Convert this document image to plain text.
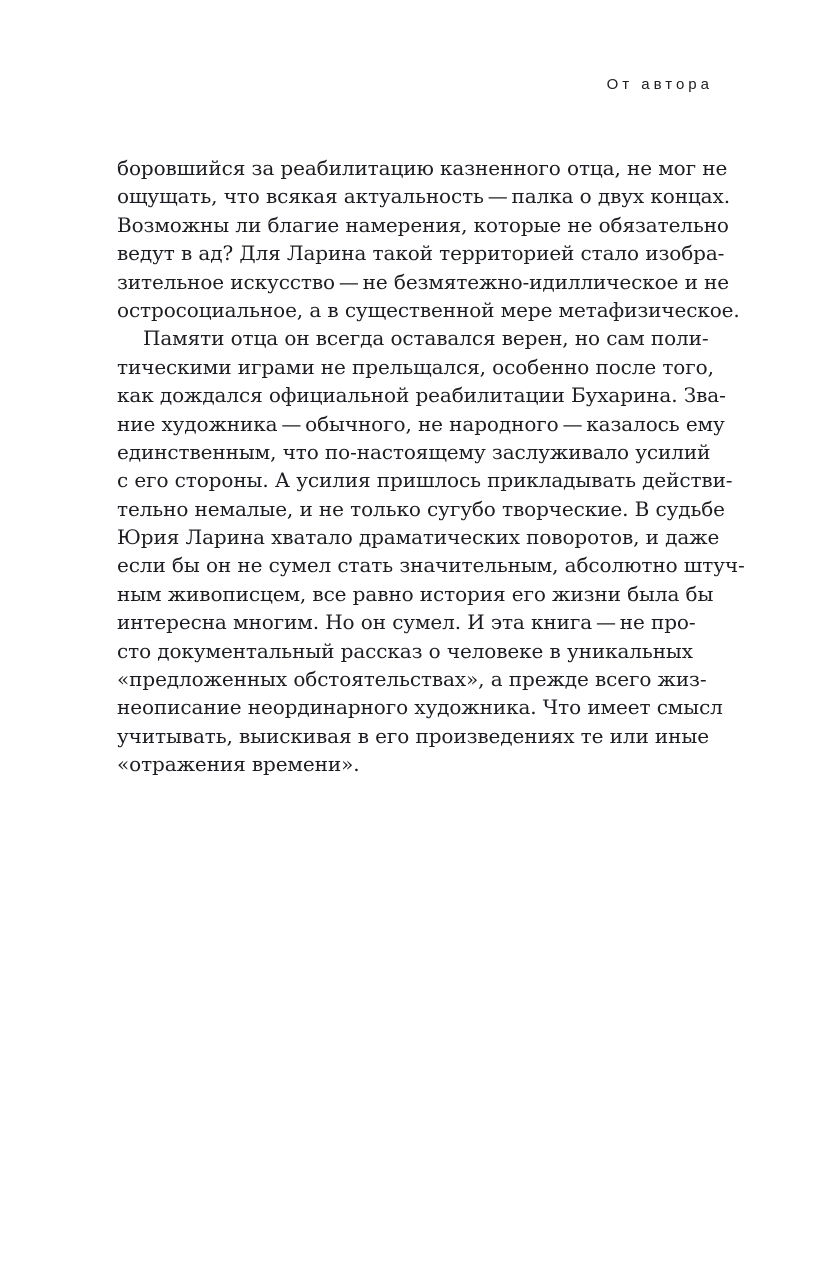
От автора
боровшийся за реабилитацию казненного отца, не мог не
ощущать, что всякая актуальность — палка о двух концах.
Возможны ли благие намерения, которые не обязательно
ведут в ад? Для Ларина такой территорией стало изобра-
зительное искусство — не безмятежно-идиллическое и не
остросоциальное, а в существенной мере метафизическое.
Памяти отца он всегда оставался верен, но сам поли-
тическими играми не прельщался, особенно после того,
как дождался официальной реабилитации Бухарина. Зва-
ние художника — обычного, не народного — казалось ему
единственным, что по-настоящему заслуживало усилий
с его стороны. А усилия пришлось прикладывать действи-
тельно немалые, и не только сугубо творческие. В судьбе
Юрия Ларина хватало драматических поворотов, и даже
если бы он не сумел стать значительным, абсолютно штуч-
ным живописцем, все равно история его жизни была бы
интересна многим. Но он сумел. И эта книга — не про-
сто документальный рассказ о человеке в уникальных
«предложенных обстоятельствах», а прежде всего жиз-
неописание неординарного художника. Что имеет смысл
учитывать, выискивая в его произведениях те или иные
«отражения времени».
